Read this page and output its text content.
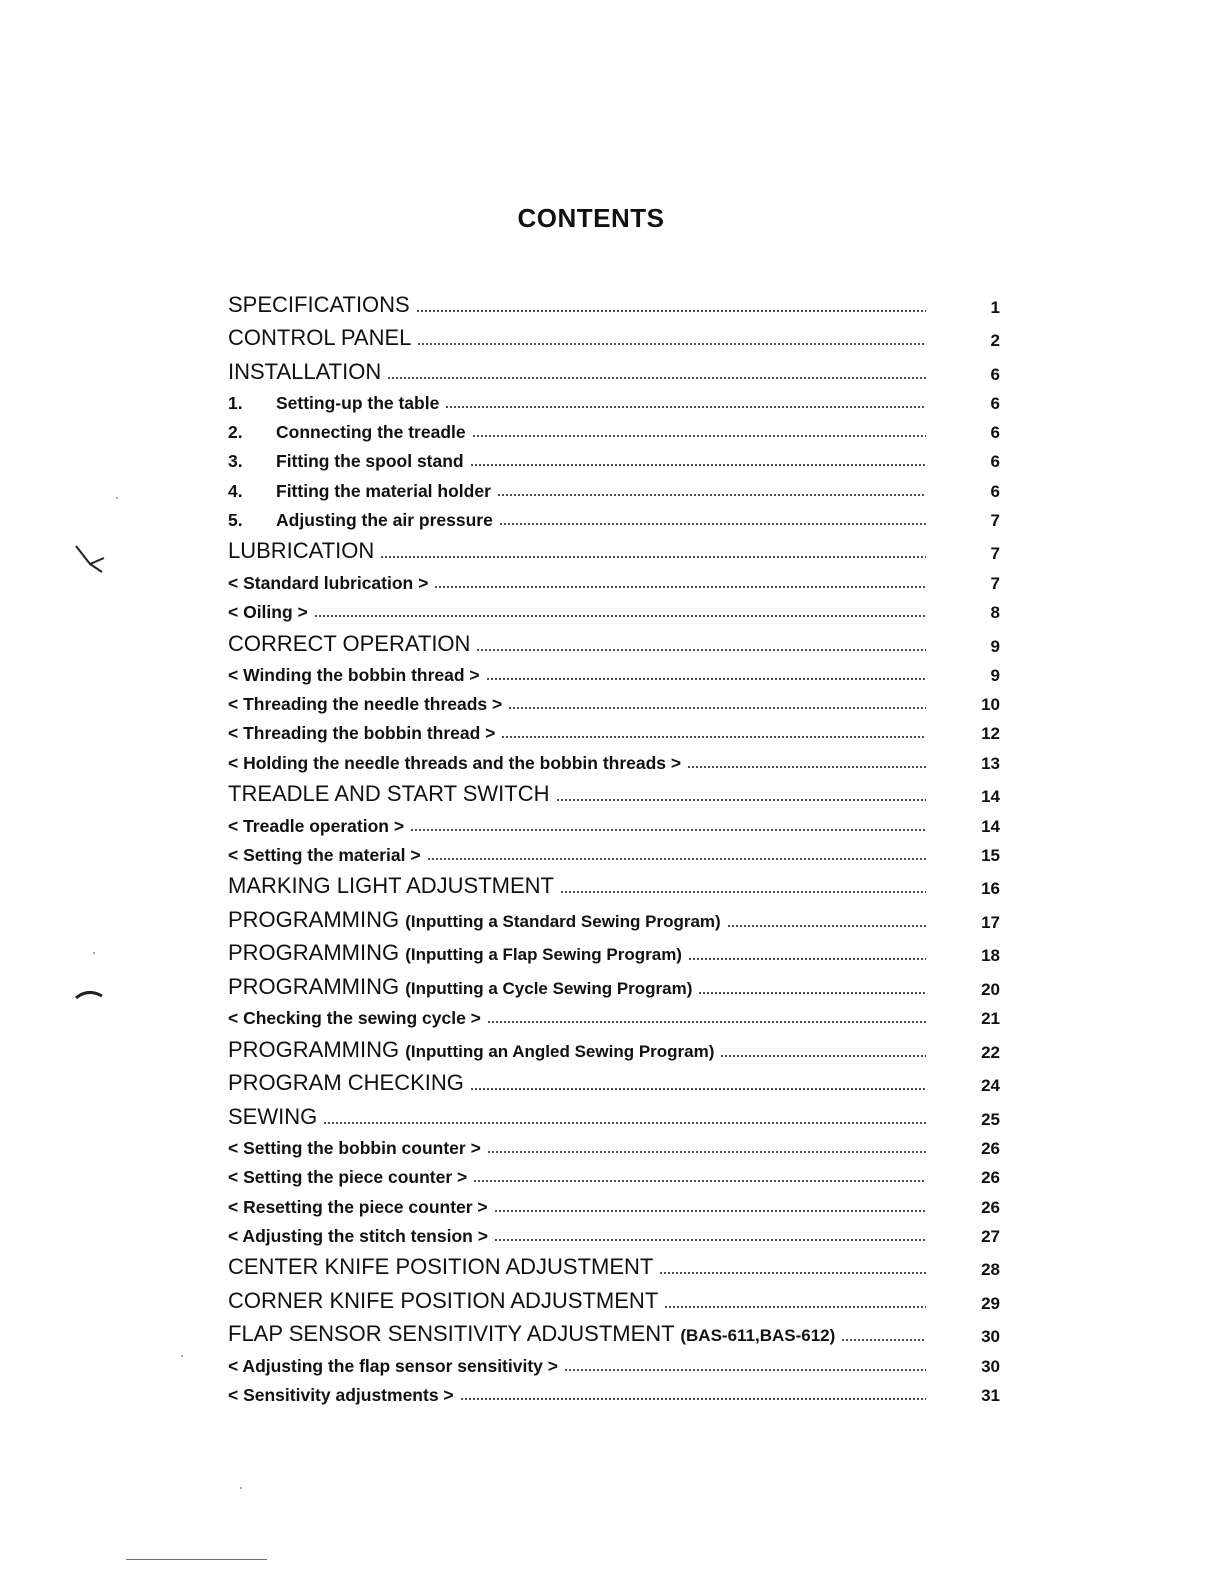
CONTENTS
SPECIFICATIONS	1
CONTROL PANEL	2
INSTALLATION	6
1. Setting-up the table	6
2. Connecting the treadle	6
3. Fitting the spool stand	6
4. Fitting the material holder	6
5. Adjusting the air pressure	7
LUBRICATION	7
< Standard lubrication >	7
< Oiling >	8
CORRECT OPERATION	9
< Winding the bobbin thread >	9
< Threading the needle threads >	10
< Threading the bobbin thread >	12
< Holding the needle threads and the bobbin threads >	13
TREADLE AND START SWITCH	14
< Treadle operation >	14
< Setting the material >	15
MARKING LIGHT ADJUSTMENT	16
PROGRAMMING (Inputting a Standard Sewing Program)	17
PROGRAMMING (Inputting a Flap Sewing Program)	18
PROGRAMMING (Inputting a Cycle Sewing Program)	20
< Checking the sewing cycle >	21
PROGRAMMING (Inputting an Angled Sewing Program)	22
PROGRAM CHECKING	24
SEWING	25
< Setting the bobbin counter >	26
< Setting the piece counter >	26
< Resetting the piece counter >	26
< Adjusting the stitch tension >	27
CENTER KNIFE POSITION ADJUSTMENT	28
CORNER KNIFE POSITION ADJUSTMENT	29
FLAP SENSOR SENSITIVITY ADJUSTMENT (BAS-611,BAS-612)	30
< Adjusting the flap sensor sensitivity >	30
< Sensitivity adjustments >	31
